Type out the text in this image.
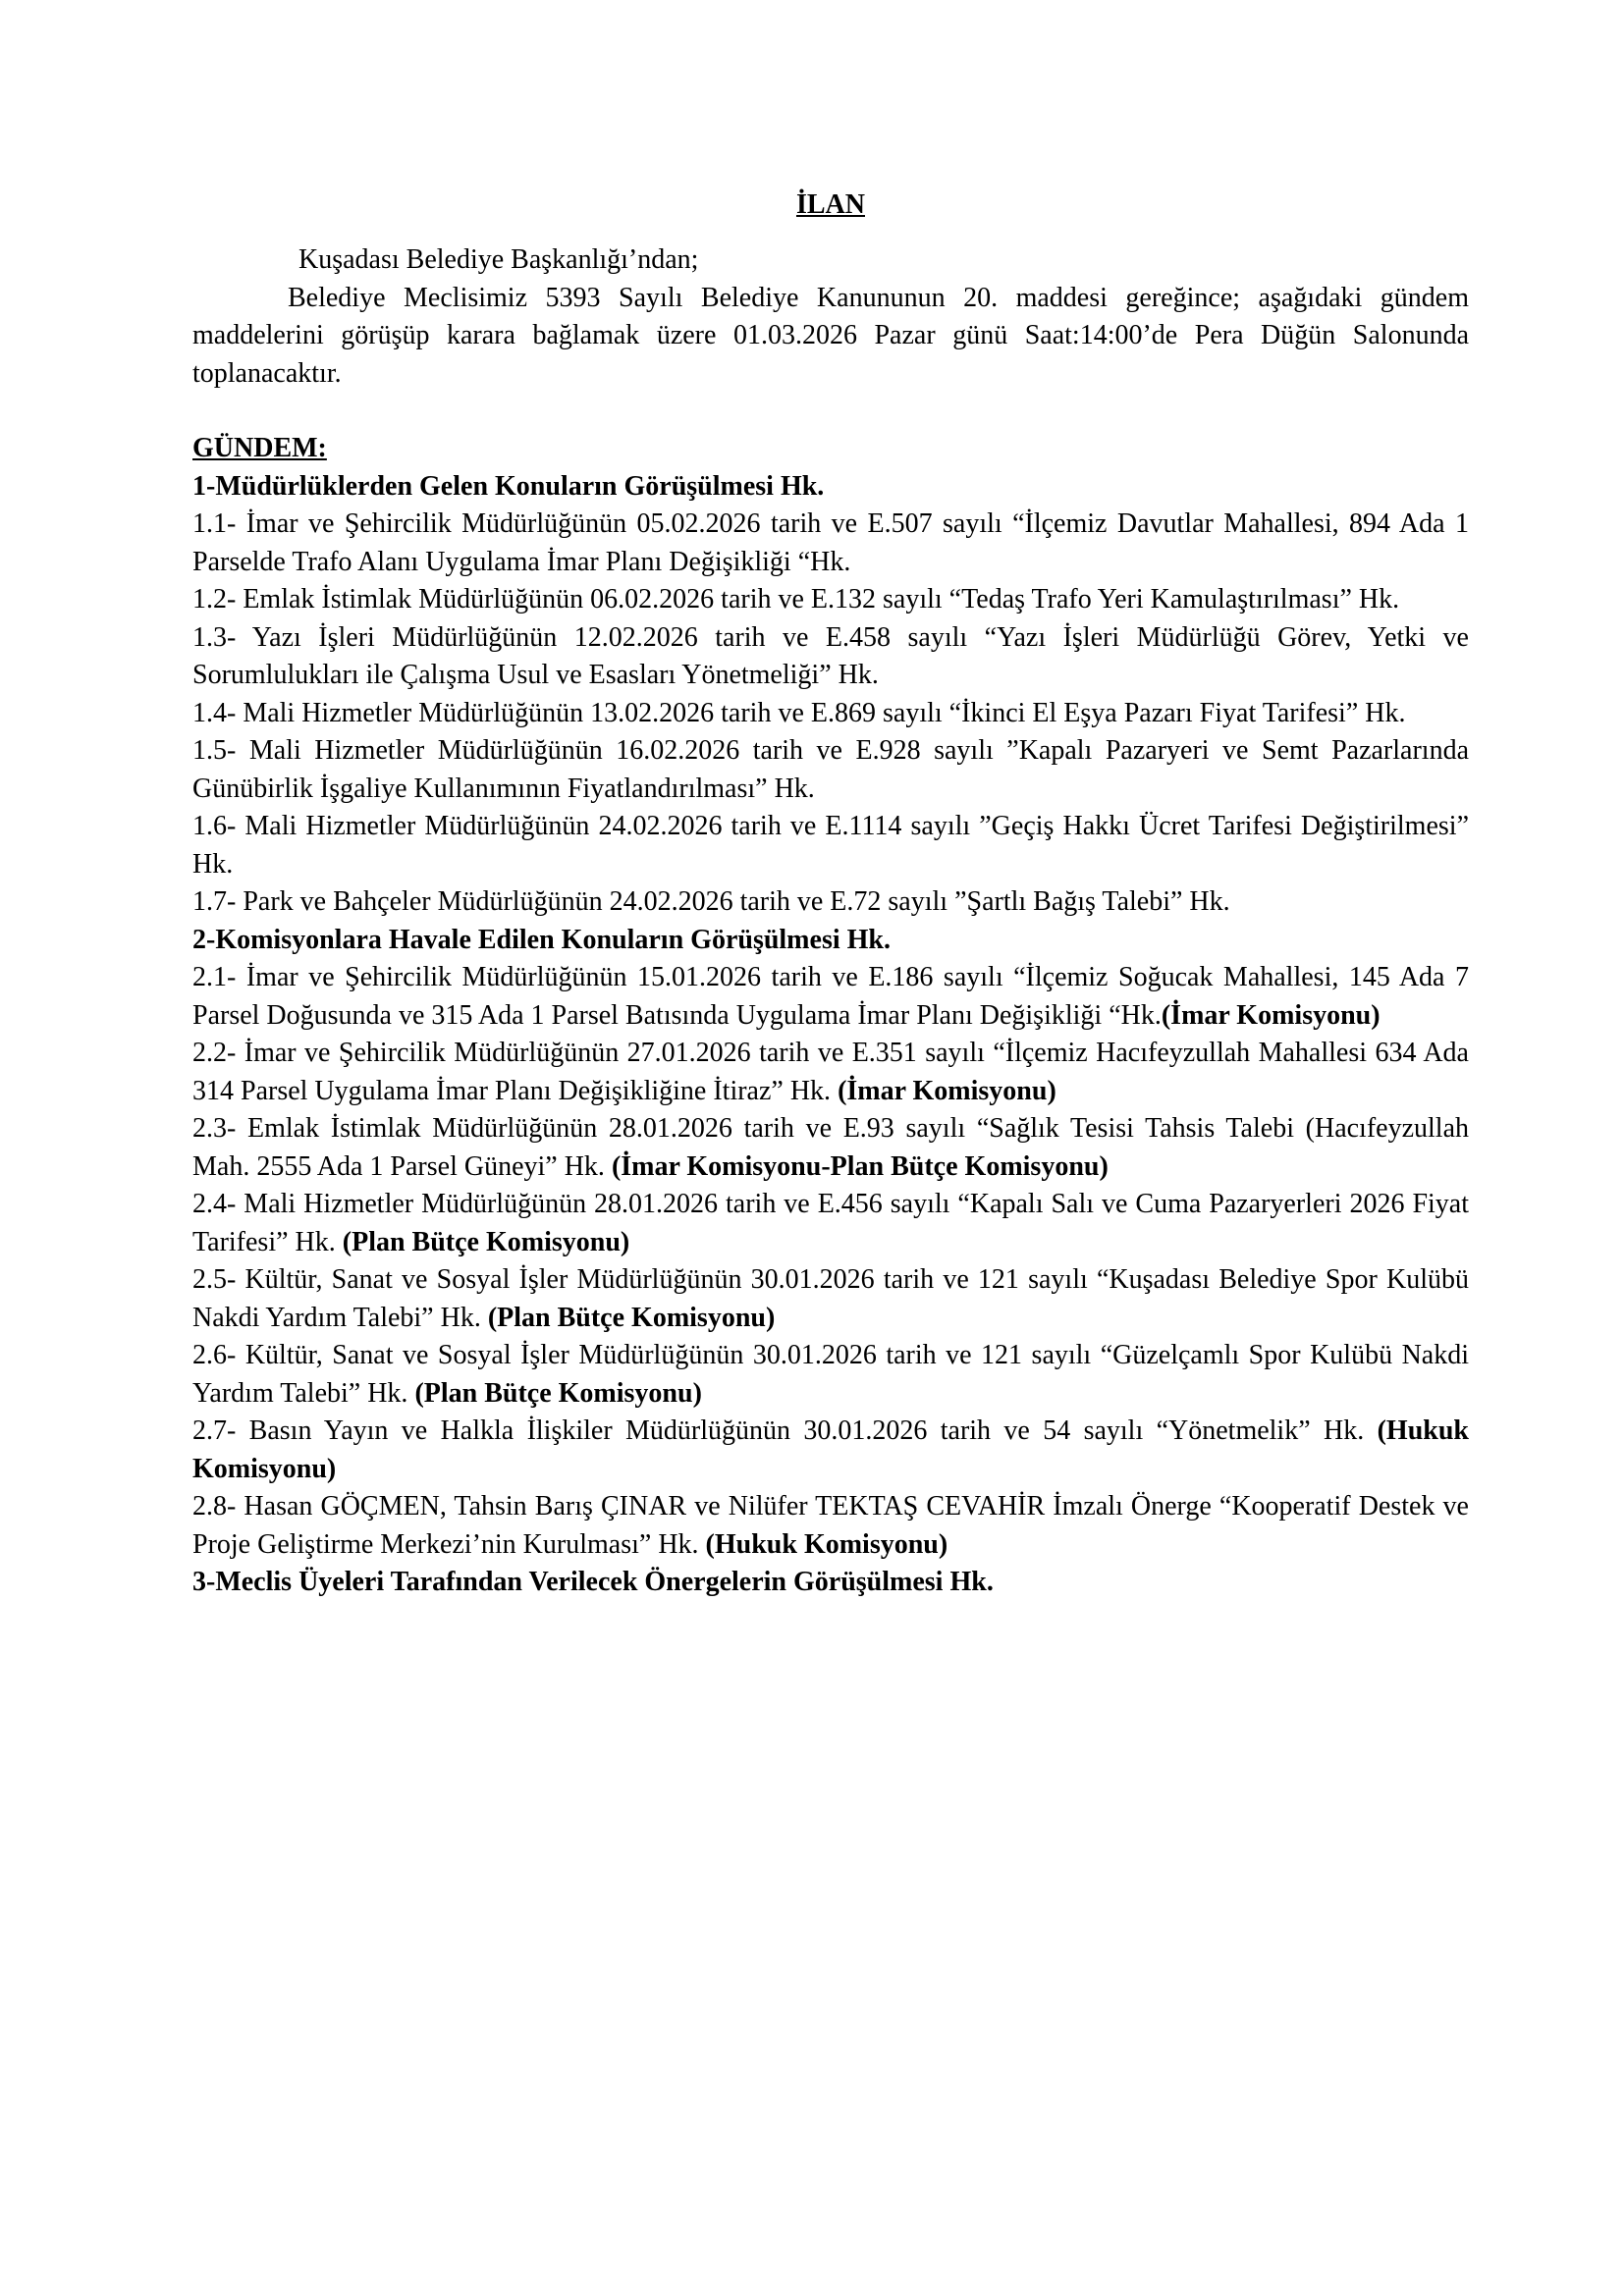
İLAN

Kuşadası Belediye Başkanlığı’ndan;

Belediye Meclisimiz 5393 Sayılı Belediye Kanununun 20. maddesi gereğince; aşağıdaki gündem maddelerini görüşüp karara bağlamak üzere 01.03.2026 Pazar günü Saat:14:00’de Pera Düğün Salonunda toplanacaktır.

GÜNDEM:

1-Müdürlüklerden Gelen Konuların Görüşülmesi Hk.

1.1- İmar ve Şehircilik Müdürlüğünün 05.02.2026 tarih ve E.507 sayılı “İlçemiz Davutlar Mahallesi, 894 Ada 1 Parselde Trafo Alanı Uygulama İmar Planı Değişikliği “Hk.

1.2- Emlak İstimlak Müdürlüğünün 06.02.2026 tarih ve E.132 sayılı “Tedaş Trafo Yeri Kamulaştırılması” Hk.

1.3- Yazı İşleri Müdürlüğünün 12.02.2026 tarih ve E.458 sayılı “Yazı İşleri Müdürlüğü Görev, Yetki ve Sorumlulukları ile Çalışma Usul ve Esasları Yönetmeliği” Hk.

1.4- Mali Hizmetler Müdürlüğünün 13.02.2026 tarih ve E.869 sayılı “İkinci El Eşya Pazarı Fiyat Tarifesi” Hk.

1.5- Mali Hizmetler Müdürlüğünün 16.02.2026 tarih ve E.928 sayılı ”Kapalı Pazaryeri ve Semt Pazarlarında Günübirlik İşgaliye Kullanımının Fiyatlandırılması” Hk.

1.6- Mali Hizmetler Müdürlüğünün 24.02.2026 tarih ve E.1114 sayılı ”Geçiş Hakkı Ücret Tarifesi Değiştirilmesi” Hk.

1.7- Park ve Bahçeler Müdürlüğünün 24.02.2026 tarih ve E.72 sayılı ”Şartlı Bağış Talebi” Hk.

2-Komisyonlara Havale Edilen Konuların Görüşülmesi Hk.

2.1- İmar ve Şehircilik Müdürlüğünün 15.01.2026 tarih ve E.186 sayılı “İlçemiz Soğucak Mahallesi, 145 Ada 7 Parsel Doğusunda ve 315 Ada 1 Parsel Batısında Uygulama İmar Planı Değişikliği “Hk.(İmar Komisyonu)

2.2- İmar ve Şehircilik Müdürlüğünün 27.01.2026 tarih ve E.351 sayılı “İlçemiz Hacıfeyzullah Mahallesi 634 Ada 314 Parsel Uygulama İmar Planı Değişikliğine İtiraz” Hk. (İmar Komisyonu)

2.3- Emlak İstimlak Müdürlüğünün 28.01.2026 tarih ve E.93 sayılı “Sağlık Tesisi Tahsis Talebi (Hacıfeyzullah Mah. 2555 Ada 1 Parsel Güneyi” Hk. (İmar Komisyonu-Plan Bütçe Komisyonu)

2.4- Mali Hizmetler Müdürlüğünün 28.01.2026 tarih ve E.456 sayılı “Kapalı Salı ve Cuma Pazaryerleri 2026 Fiyat Tarifesi” Hk. (Plan Bütçe Komisyonu)

2.5- Kültür, Sanat ve Sosyal İşler Müdürlüğünün 30.01.2026 tarih ve 121 sayılı “Kuşadası Belediye Spor Kulübü Nakdi Yardım Talebi” Hk. (Plan Bütçe Komisyonu)

2.6- Kültür, Sanat ve Sosyal İşler Müdürlüğünün 30.01.2026 tarih ve 121 sayılı “Güzelçamlı Spor Kulübü Nakdi Yardım Talebi” Hk. (Plan Bütçe Komisyonu)

2.7- Basın Yayın ve Halkla İlişkiler Müdürlüğünün 30.01.2026 tarih ve 54 sayılı “Yönetmelik” Hk. (Hukuk Komisyonu)

2.8- Hasan GÖÇMEN, Tahsin Barış ÇINAR ve Nilüfer TEKTAŞ CEVAHİR İmzalı Önerge “Kooperatif Destek ve Proje Geliştirme Merkezi’nin Kurulması” Hk. (Hukuk Komisyonu)

3-Meclis Üyeleri Tarafından Verilecek Önergelerin Görüşülmesi Hk.
